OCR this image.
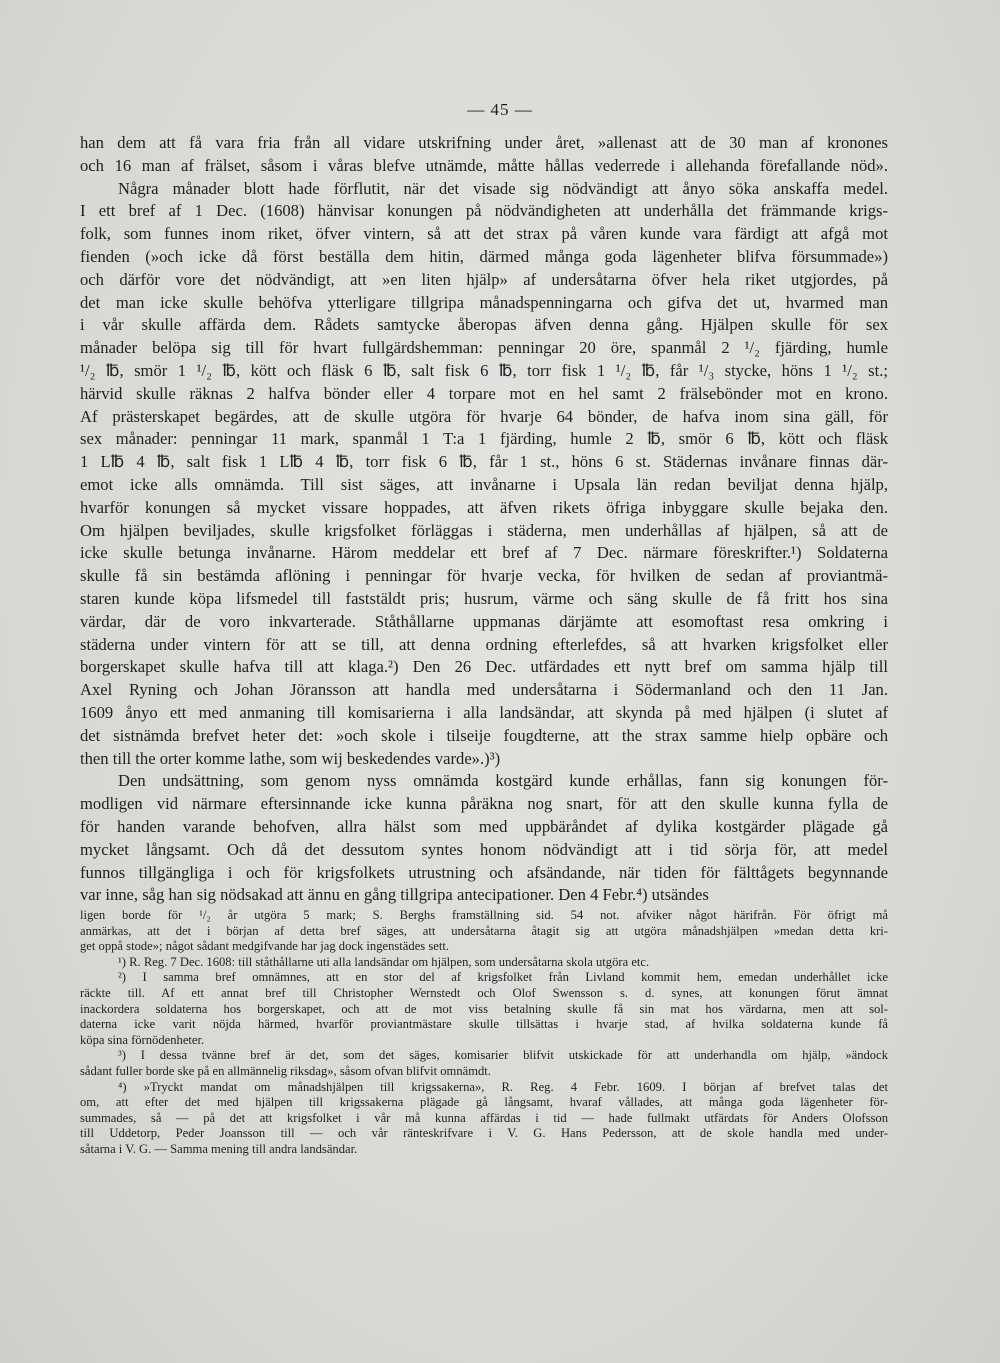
— 45 —
han dem att få vara fria från all vidare utskrifning under året, »allenast att de 30 man af kronones
och 16 man af frälset, såsom i våras blefve utnämde, måtte hållas vederrede i allehanda förefallande nöd».
Några månader blott hade förflutit, när det visade sig nödvändigt att ånyo söka anskaffa medel.
I ett bref af 1 Dec. (1608) hänvisar konungen på nödvändigheten att underhålla det främmande krigs-
folk, som funnes inom riket, öfver vintern, så att det strax på våren kunde vara färdigt att afgå mot
fienden (»och icke då först beställa dem hitin, därmed många goda lägenheter blifva försummade»)
och därför vore det nödvändigt, att »en liten hjälp» af undersåtarna öfver hela riket utgjordes, på
det man icke skulle behöfva ytterligare tillgripa månadspenningarna och gifva det ut, hvarmed man
i vår skulle affärda dem. Rådets samtycke åberopas äfven denna gång. Hjälpen skulle för sex
månader belöpa sig till för hvart fullgärdshemman: penningar 20 öre, spanmål 2 ¹/₂ fjärding, humle
¹/₂ ℔, smör 1 ¹/₂ ℔, kött och fläsk 6 ℔, salt fisk 6 ℔, torr fisk 1 ¹/₂ ℔, får ¹/₃ stycke, höns 1 ¹/₂ st.;
härvid skulle räknas 2 halfva bönder eller 4 torpare mot en hel samt 2 frälsebönder mot en krono.
Af prästerskapet begärdes, att de skulle utgöra för hvarje 64 bönder, de hafva inom sina gäll, för
sex månader: penningar 11 mark, spanmål 1 T:a 1 fjärding, humle 2 ℔, smör 6 ℔, kött och fläsk
1 L℔ 4 ℔, salt fisk 1 L℔ 4 ℔, torr fisk 6 ℔, får 1 st., höns 6 st. Städernas invånare finnas där-
emot icke alls omnämda. Till sist säges, att invånarne i Upsala län redan beviljat denna hjälp,
hvarför konungen så mycket vissare hoppades, att äfven rikets öfriga inbyggare skulle bejaka den.
Om hjälpen beviljades, skulle krigsfolket förläggas i städerna, men underhållas af hjälpen, så att de
icke skulle betunga invånarne. Härom meddelar ett bref af 7 Dec. närmare föreskrifter.¹) Soldaterna
skulle få sin bestämda aflöning i penningar för hvarje vecka, för hvilken de sedan af proviantmä-
staren kunde köpa lifsmedel till faststäldt pris; husrum, värme och säng skulle de få fritt hos sina
värdar, där de voro inkvarterade. Ståthållarne uppmanas därjämte att esomoftast resa omkring i
städerna under vintern för att se till, att denna ordning efterlefdes, så att hvarken krigsfolket eller
borgerskapet skulle hafva till att klaga.²) Den 26 Dec. utfärdades ett nytt bref om samma hjälp till
Axel Ryning och Johan Jöransson att handla med undersåtarna i Södermanland och den 11 Jan.
1609 ånyo ett med anmaning till komisarierna i alla landsändar, att skynda på med hjälpen (i slutet af
det sistnämda brefvet heter det: »och skole i tilseije fougdterne, att the strax samme hielp opbäre och
then till the orter komme lathe, som wij beskedendes varde».)³)
Den undsättning, som genom nyss omnämda kostgärd kunde erhållas, fann sig konungen för-
modligen vid närmare eftersinnande icke kunna påräkna nog snart, för att den skulle kunna fylla de
för handen varande behofven, allra hälst som med uppbäråndet af dylika kostgärder plägade gå
mycket långsamt. Och då det dessutom syntes honom nödvändigt att i tid sörja för, att medel
funnos tillgängliga i och för krigsfolkets utrustning och afsändande, när tiden för fälttågets begynnande
var inne, såg han sig nödsakad att ännu en gång tillgripa antecipationer. Den 4 Febr.⁴) utsändes
ligen borde för ¹/₂ år utgöra 5 mark; S. Berghs framställning sid. 54 not. afviker något härifrån. För öfrigt må
anmärkas, att det i början af detta bref säges, att undersåtarna åtagit sig att utgöra månadshjälpen »medan detta kri-
get oppå stode»; något sådant medgifvande har jag dock ingenstädes sett.
¹) R. Reg. 7 Dec. 1608: till ståthållarne uti alla landsändar om hjälpen, som undersåtarna skola utgöra etc.
²) I samma bref omnämnes, att en stor del af krigsfolket från Livland kommit hem, emedan underhållet icke
räckte till. Af ett annat bref till Christopher Wernstedt och Olof Swensson s. d. synes, att konungen förut ämnat
inackordera soldaterna hos borgerskapet, och att de mot viss betalning skulle få sin mat hos värdarna, men att sol-
daterna icke varit nöjda härmed, hvarför proviantmästare skulle tillsättas i hvarje stad, af hvilka soldaterna kunde få
köpa sina förnödenheter.
³) I dessa tvänne bref är det, som det säges, komisarier blifvit utskickade för att underhandla om hjälp, »ändock
sådant fuller borde ske på en allmännelig riksdag», såsom ofvan blifvit omnämdt.
⁴) »Tryckt mandat om månadshjälpen till krigssakerna», R. Reg. 4 Febr. 1609. I början af brefvet talas det
om, att efter det med hjälpen till krigssakerna plägade gå långsamt, hvaraf vållades, att många goda lägenheter för-
summades, så — på det att krigsfolket i vår må kunna affärdas i tid — hade fullmakt utfärdats för Anders Olofsson
till Uddetorp, Peder Joansson till — och vår ränteskrifvare i V. G. Hans Pedersson, att de skole handla med under-
såtarna i V. G. — Samma mening till andra landsändar.
